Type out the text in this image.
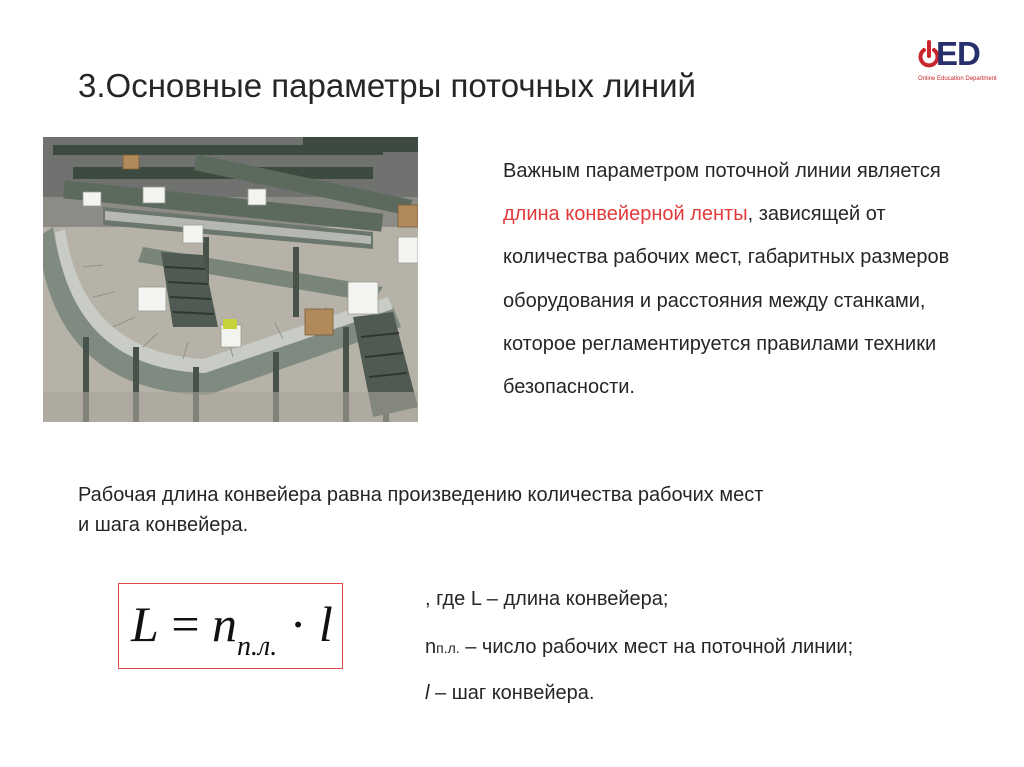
ED
Online Education Department
3.Основные параметры поточных линий
Важным параметром поточной линии является длина конвейерной ленты, зависящей от количества рабочих мест, габаритных размеров оборудования и расстояния между станками, которое регламентируется правилами техники безопасности.
Рабочая длина конвейера равна произведению количества рабочих мест и шага конвейера.
$L = n_{п.л.} \cdot l$	, где L – длина конвейера;
nп.л. – число рабочих мест на поточной линии;
l – шаг конвейера.
